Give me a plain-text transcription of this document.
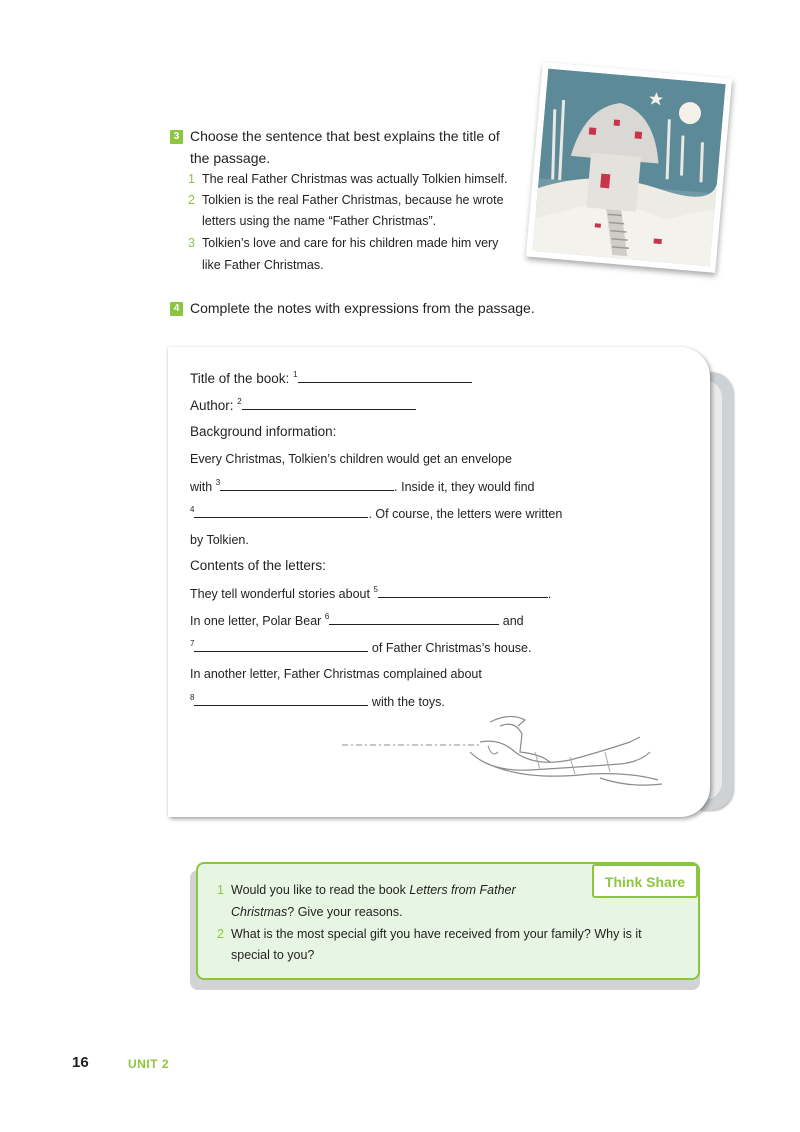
3 Choose the sentence that best explains the title of
the passage.
1 The real Father Christmas was actually Tolkien himself.
2 Tolkien is the real Father Christmas, because he wrote
letters using the name “Father Christmas”.
3 Tolkien’s love and care for his children made him very
like Father Christmas.
4 Complete the notes with expressions from the passage.
Title of the book: $^1$
Author: $^2$
Background information:
Every Christmas, Tolkien’s children would get an envelope
with $^3$	. Inside it, they would find
$^4$	. Of course, the letters were written
by Tolkien.
Contents of the letters:
They tell wonderful stories about $^5$	.
In one letter, Polar Bear $^6$	and
$^7$	of Father Christmas’s house.
In another letter, Father Christmas complained about
$^8$	with the toys.
Think Share
1 Would you like to read the book Letters from Father
Christmas? Give your reasons.
2 What is the most special gift you have received from your family? Why is it
special to you?
16	UNIT 2
